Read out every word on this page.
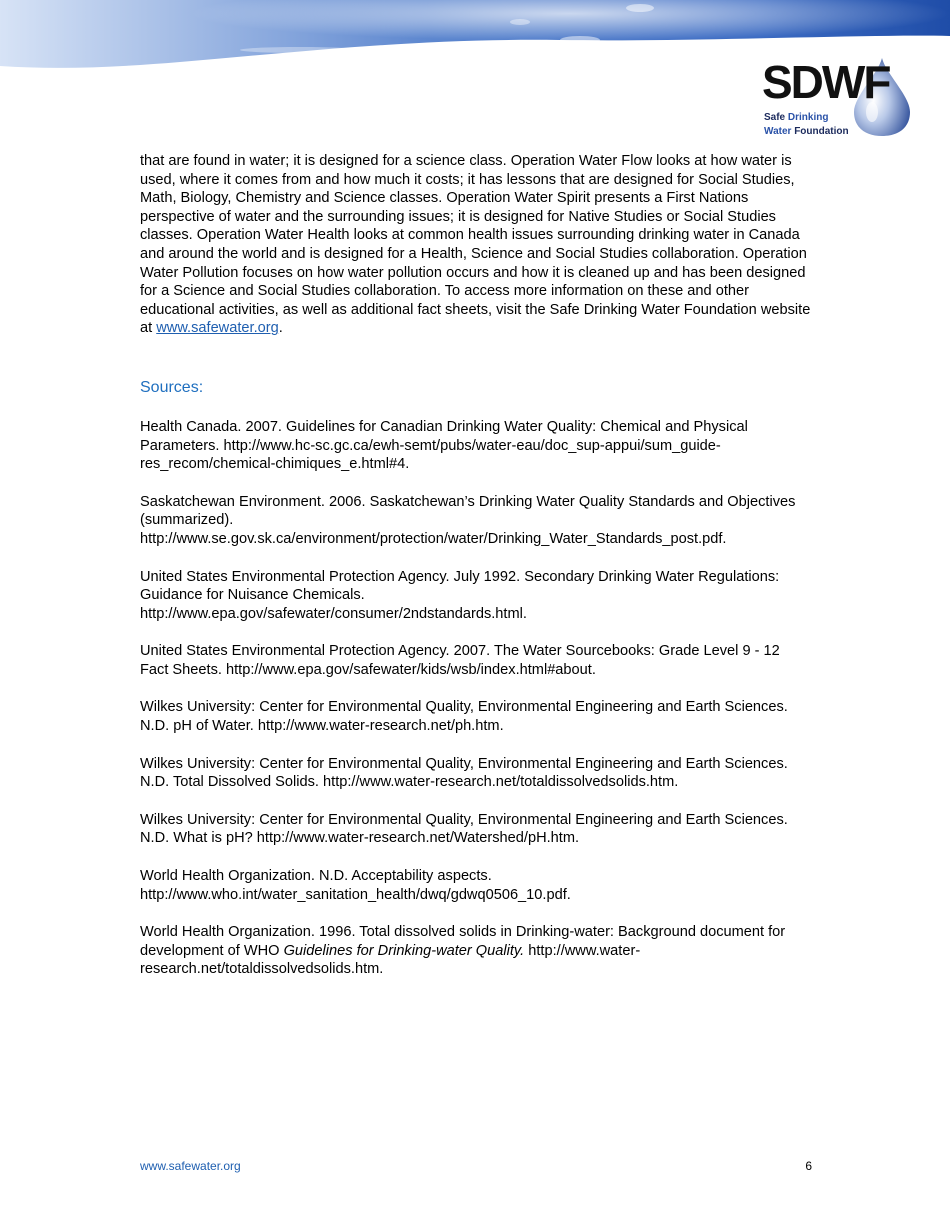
SDWF
Safe Drinking
Water Foundation

that are found in water; it is designed for a science class. Operation Water Flow looks at how water is used, where it comes from and how much it costs; it has lessons that are designed for Social Studies, Math, Biology, Chemistry and Science classes. Operation Water Spirit presents a First Nations perspective of water and the surrounding issues; it is designed for Native Studies or Social Studies classes. Operation Water Health looks at common health issues surrounding drinking water in Canada and around the world and is designed for a Health, Science and Social Studies collaboration. Operation Water Pollution focuses on how water pollution occurs and how it is cleaned up and has been designed for a Science and Social Studies collaboration. To access more information on these and other educational activities, as well as additional fact sheets, visit the Safe Drinking Water Foundation website at www.safewater.org.

Sources:

Health Canada. 2007. Guidelines for Canadian Drinking Water Quality: Chemical and Physical Parameters. http://www.hc-sc.gc.ca/ewh-semt/pubs/water-eau/doc_sup-appui/sum_guide-res_recom/chemical-chimiques_e.html#4.

Saskatchewan Environment. 2006. Saskatchewan’s Drinking Water Quality Standards and Objectives (summarized).
http://www.se.gov.sk.ca/environment/protection/water/Drinking_Water_Standards_post.pdf.

United States Environmental Protection Agency. July 1992. Secondary Drinking Water Regulations: Guidance for Nuisance Chemicals.
http://www.epa.gov/safewater/consumer/2ndstandards.html.

United States Environmental Protection Agency. 2007. The Water Sourcebooks: Grade Level 9 - 12 Fact Sheets. http://www.epa.gov/safewater/kids/wsb/index.html#about.

Wilkes University: Center for Environmental Quality, Environmental Engineering and Earth Sciences. N.D. pH of Water. http://www.water-research.net/ph.htm.

Wilkes University: Center for Environmental Quality, Environmental Engineering and Earth Sciences. N.D. Total Dissolved Solids. http://www.water-research.net/totaldissolvedsolids.htm.

Wilkes University: Center for Environmental Quality, Environmental Engineering and Earth Sciences. N.D. What is pH? http://www.water-research.net/Watershed/pH.htm.

World Health Organization. N.D. Acceptability aspects.
http://www.who.int/water_sanitation_health/dwq/gdwq0506_10.pdf.

World Health Organization. 1996. Total dissolved solids in Drinking-water: Background document for development of WHO Guidelines for Drinking-water Quality. http://www.water-research.net/totaldissolvedsolids.htm.

www.safewater.org	6
